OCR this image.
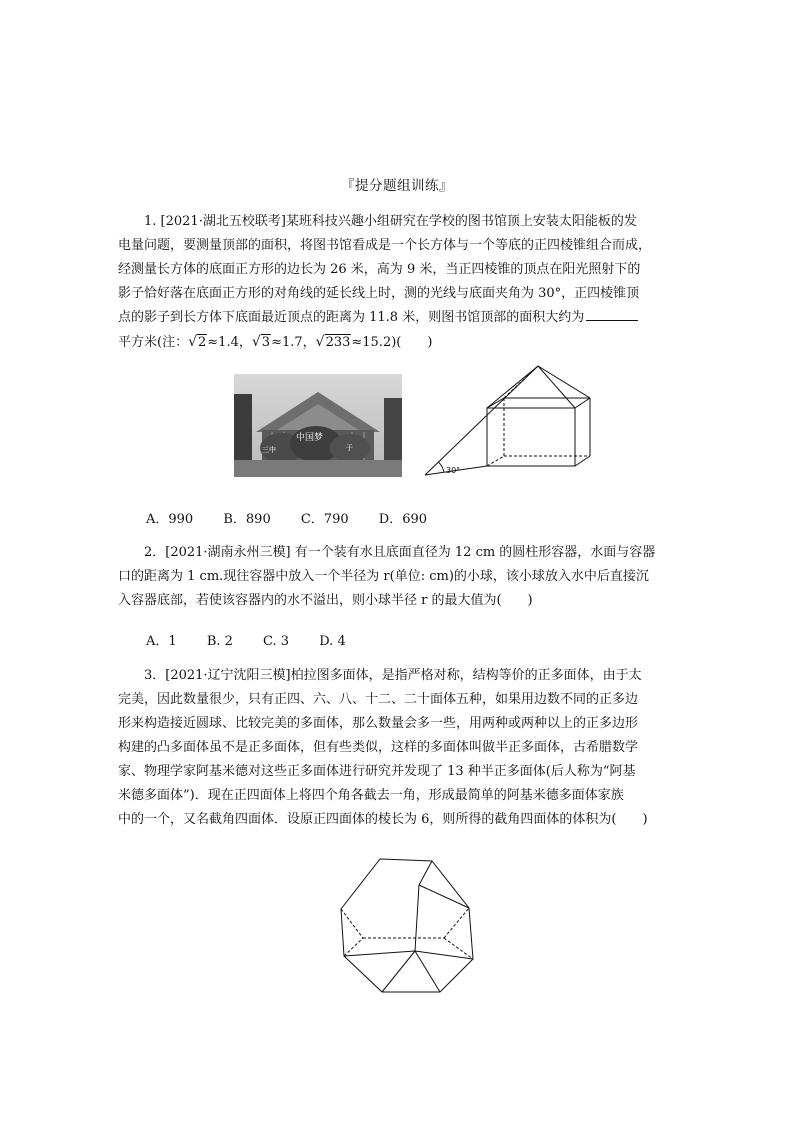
『提分题组训练』
1. [2021·湖北五校联考]某班科技兴趣小组研究在学校的图书馆顶上安装太阳能板的发
电量问题，要测量顶部的面积，将图书馆看成是一个长方体与一个等底的正四棱锥组合而成，
经测量长方体的底面正方形的边长为 26 米，高为 9 米，当正四棱锥的顶点在阳光照射下的
影子恰好落在底面正方形的对角线的延长线上时，测的光线与底面夹角为 30°，正四棱锥顶
点的影子到长方体下底面最近顶点的距离为 11.8 米，则图书馆顶部的面积大约为
平方米(注：√2≈1.4，√3≈1.7，√233≈15.2)(　　)
中国梦
三中	于
30°
A．990 B．890 C．790 D．690
2．[2021·湖南永州三模] 有一个装有水且底面直径为 12 cm 的圆柱形容器，水面与容器
口的距离为 1 cm.现往容器中放入一个半径为 r(单位: cm)的小球，该小球放入水中后直接沉
入容器底部，若使该容器内的水不溢出，则小球半径 r 的最大值为(　　)
A．1 B. 2 C. 3 D. 4
3．[2021·辽宁沈阳三模]柏拉图多面体，是指严格对称，结构等价的正多面体，由于太
完美，因此数量很少，只有正四、六、八、十二、二十面体五种，如果用边数不同的正多边
形来构造接近圆球、比较完美的多面体，那么数量会多一些，用两种或两种以上的正多边形
构建的凸多面体虽不是正多面体，但有些类似，这样的多面体叫做半正多面体，古希腊数学
家、物理学家阿基米德对这些正多面体进行研究并发现了 13 种半正多面体(后人称为“阿基
米德多面体”)．现在正四面体上将四个角各截去一角，形成最简单的阿基米德多面体家族
中的一个，又名截角四面体．设原正四面体的棱长为 6，则所得的截角四面体的体积为(　　)
